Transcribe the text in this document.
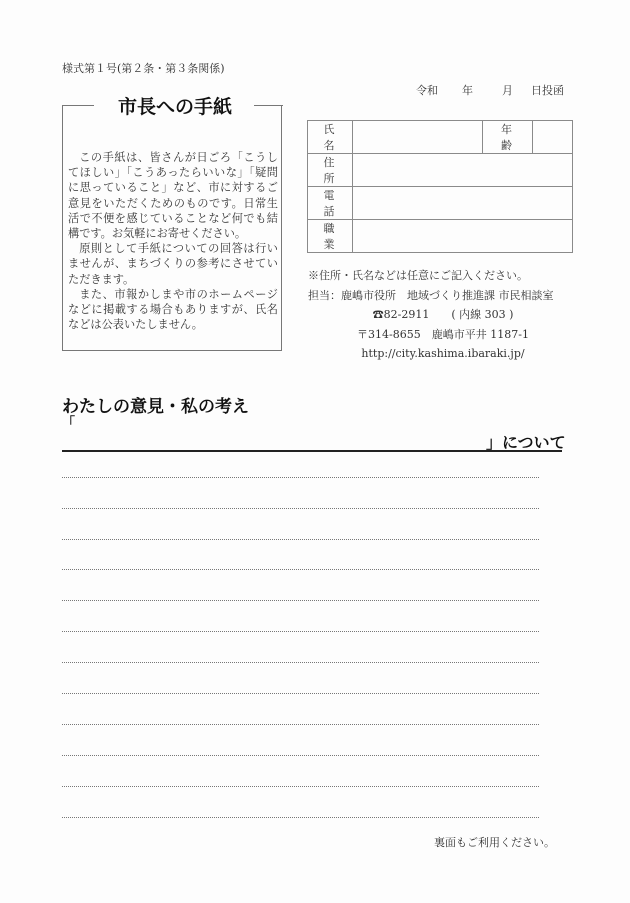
様式第１号(第２条・第３条関係)
令和	年	月	日投函
市長への手紙

この手紙は、皆さんが日ごろ「こうしてほしい」「こうあったらいいな」「疑問に思っていること」など、市に対するご意見をいただくためのものです。日常生活で不便を感じていることなど何でも結構です。お気軽にお寄せください。

原則として手紙についての回答は行いませんが、まちづくりの参考にさせていただきます。

また、市報かしまや市のホームページなどに掲載する場合もありますが、氏名などは公表いたしません。

氏名		年齢	
住所			
電話			
職業			
※住所・氏名などは任意にご記入ください。
担当：鹿嶋市役所　地域づくり推進課 市民相談室
☎82-2911　　( 内線 303 )
〒314-8655　鹿嶋市平井 1187-1
http://city.kashima.ibaraki.jp/
わたしの意見・私の考え
「
」について
裏面もご利用ください。
